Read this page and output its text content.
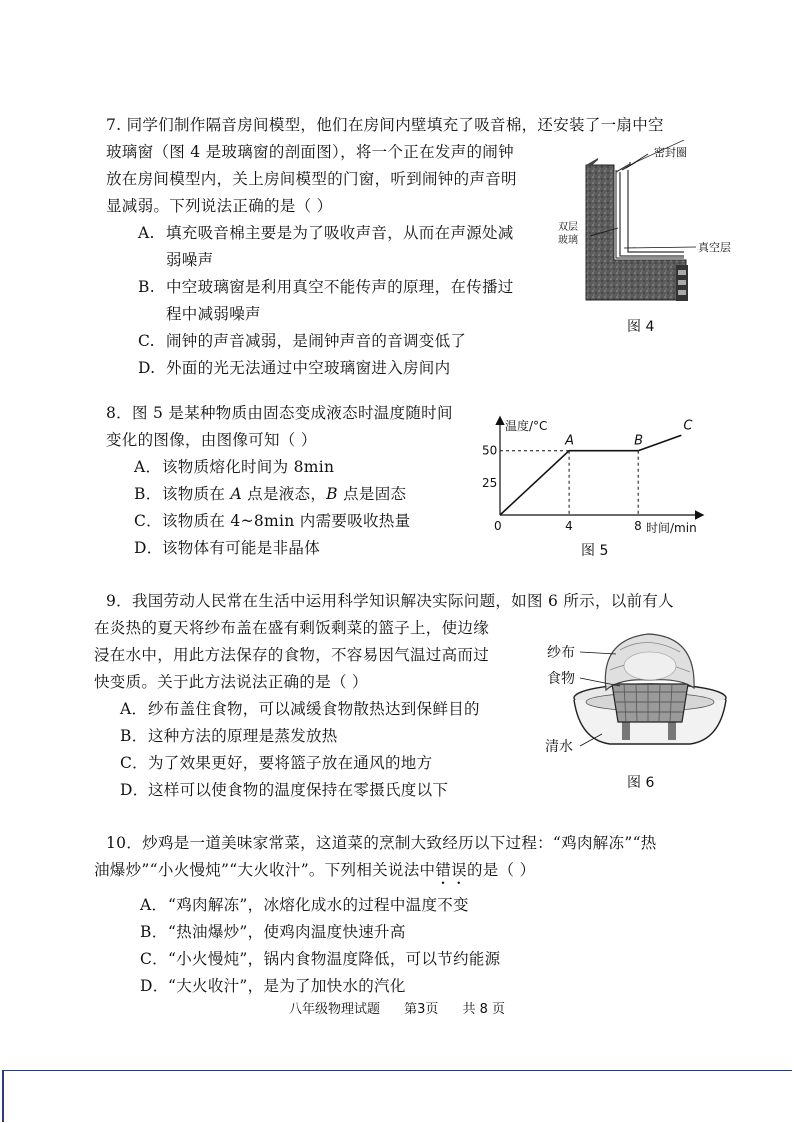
7. 同学们制作隔音房间模型，他们在房间内壁填充了吸音棉，还安装了一扇中空

玻璃窗（图 4 是玻璃窗的剖面图），将一个正在发声的闹钟

放在房间模型内，关上房间模型的门窗，听到闹钟的声音明

显减弱。下列说法正确的是（ ）

A. 填充吸音棉主要是为了吸收声音，从而在声源处减

弱噪声

B. 中空玻璃窗是利用真空不能传声的原理，在传播过

程中减弱噪声

C. 闹钟的声音减弱，是闹钟声音的音调变低了

D. 外面的光无法通过中空玻璃窗进入房间内

密封圈
双层
玻璃
真空层
图 4

8．图 5 是某种物质由固态变成液态时温度随时间

变化的图像，由图像可知（ ）

A．该物质熔化时间为 8min

B．该物质在 A 点是液态，B 点是固态

C．该物质在 4~8min 内需要吸收热量

D．该物体有可能是非晶体

温度/°C
时间/min
0	4	8
25
50
A	B
C
图 5

9．我国劳动人民常在生活中运用科学知识解决实际问题，如图 6 所示，以前有人

在炎热的夏天将纱布盖在盛有剩饭剩菜的篮子上，使边缘

浸在水中，用此方法保存的食物，不容易因气温过高而过

快变质。关于此方法说法正确的是（ ）

A．纱布盖住食物，可以减缓食物散热达到保鲜目的

B．这种方法的原理是蒸发放热

C．为了效果更好，要将篮子放在通风的地方

D．这样可以使食物的温度保持在零摄氏度以下

纱布
食物
清水
图 6

10．炒鸡是一道美味家常菜，这道菜的烹制大致经历以下过程：“鸡肉解冻”“热

油爆炒”“小火慢炖”“大火收汁”。下列相关说法中错误的是（ ）

A．“鸡肉解冻”，冰熔化成水的过程中温度不变

B．“热油爆炒”，使鸡肉温度快速升高

C．“小火慢炖”，锅内食物温度降低，可以节约能源

D．“大火收汁”，是为了加快水的汽化

八年级物理试题 第3页 共 8 页
